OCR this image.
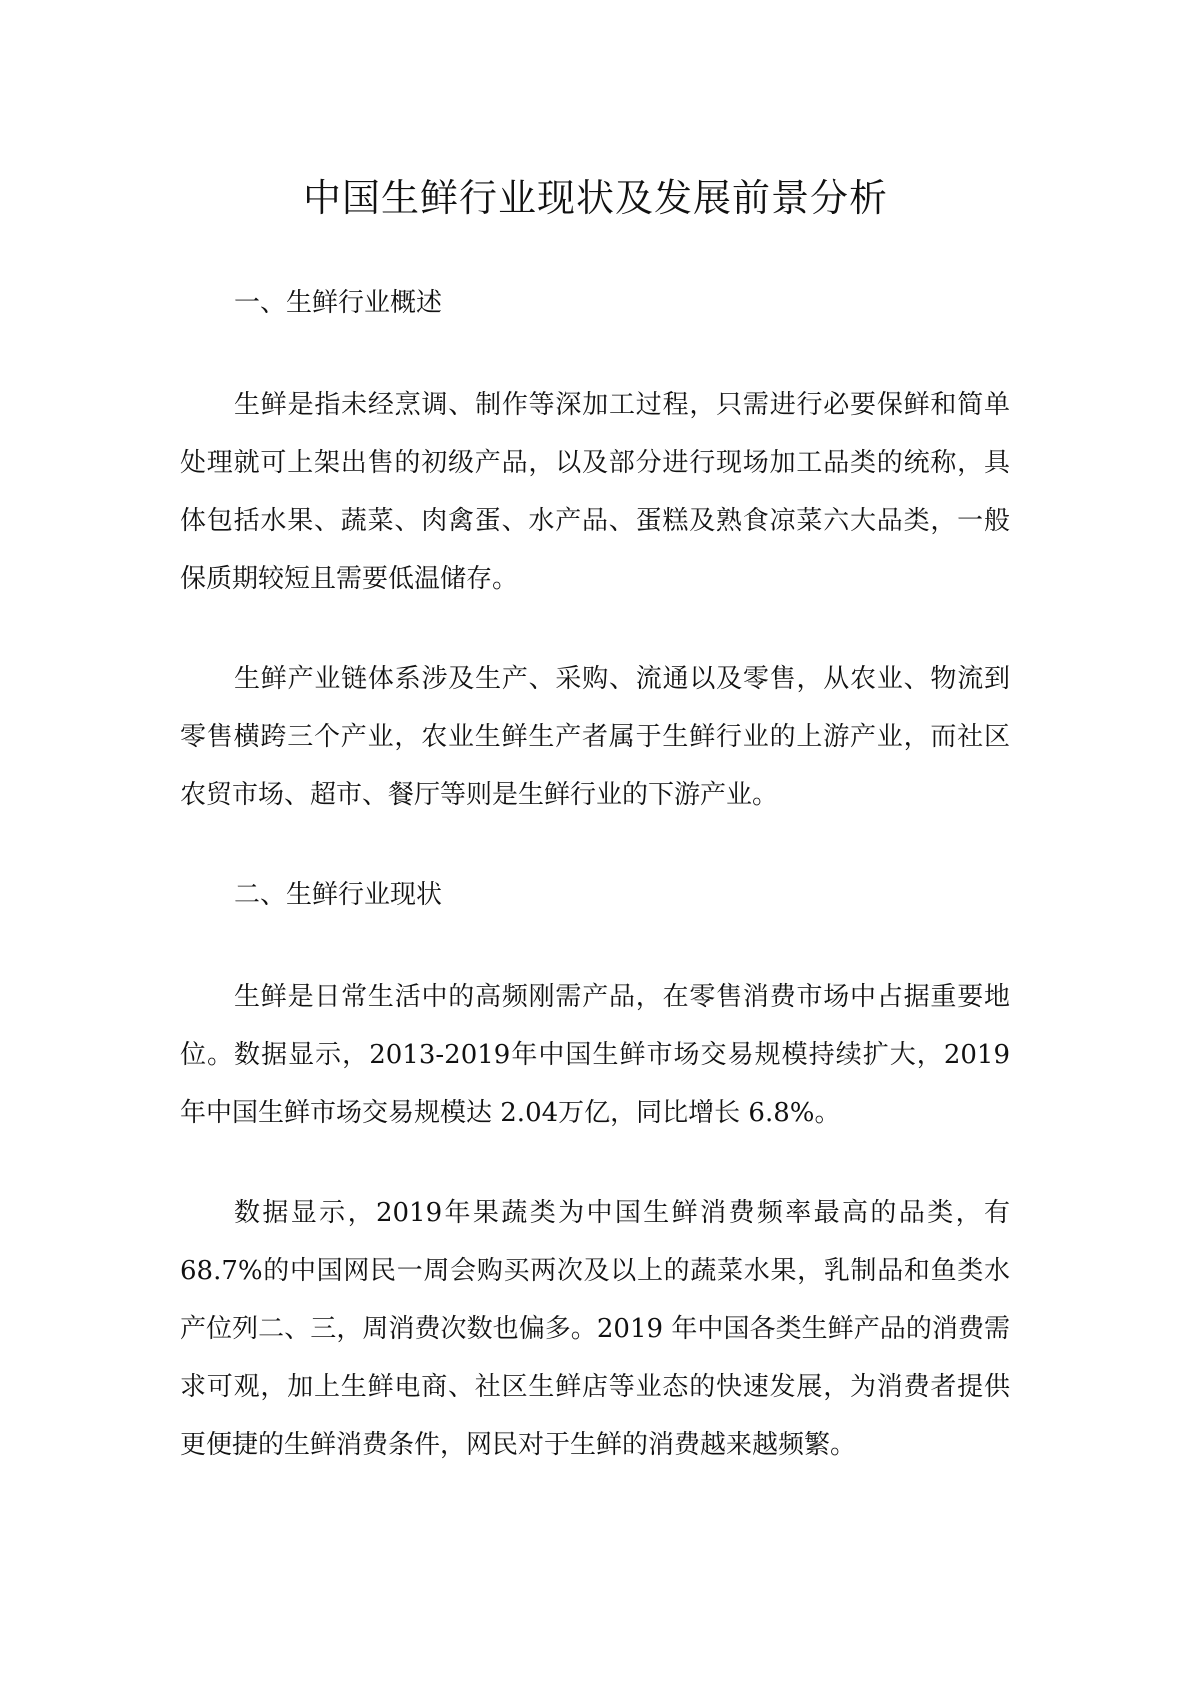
中国生鲜行业现状及发展前景分析
一、生鲜行业概述

生鲜是指未经烹调、制作等深加工过程，只需进行必要保鲜和简单处理就可上架出售的初级产品，以及部分进行现场加工品类的统称，具体包括水果、蔬菜、肉禽蛋、水产品、蛋糕及熟食凉菜六大品类，一般保质期较短且需要低温储存。

生鲜产业链体系涉及生产、采购、流通以及零售，从农业、物流到零售横跨三个产业，农业生鲜生产者属于生鲜行业的上游产业，而社区农贸市场、超市、餐厅等则是生鲜行业的下游产业。

二、生鲜行业现状

生鲜是日常生活中的高频刚需产品，在零售消费市场中占据重要地位。数据显示，2013-2019年中国生鲜市场交易规模持续扩大，2019年中国生鲜市场交易规模达 2.04万亿，同比增长 6.8%。

数据显示，2019年果蔬类为中国生鲜消费频率最高的品类，有68.7%的中国网民一周会购买两次及以上的蔬菜水果，乳制品和鱼类水产位列二、三，周消费次数也偏多。2019 年中国各类生鲜产品的消费需求可观，加上生鲜电商、社区生鲜店等业态的快速发展，为消费者提供更便捷的生鲜消费条件，网民对于生鲜的消费越来越频繁。
